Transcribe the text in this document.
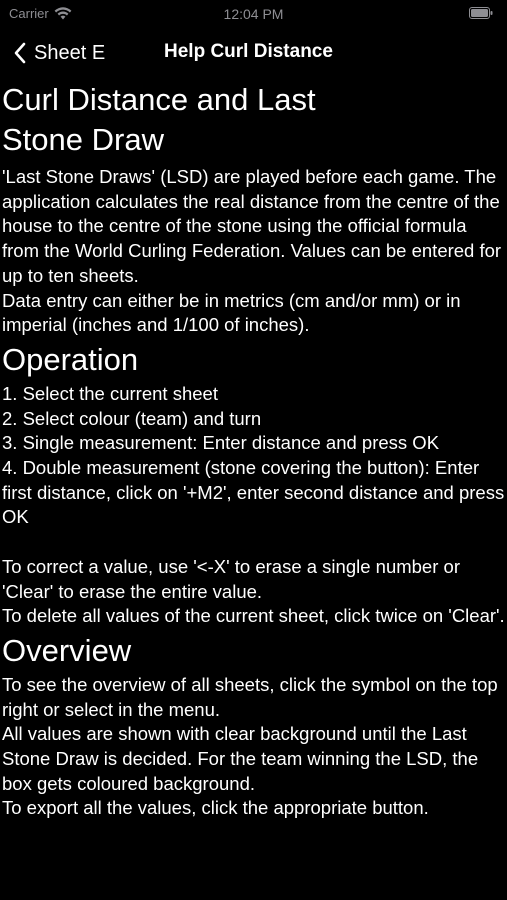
Carrier	12:04 PM
Sheet E	Help Curl Distance
Curl Distance and Last Stone Draw

'Last Stone Draws' (LSD) are played before each game. The application calculates the real distance from the centre of the house to the centre of the stone using the official formula from the World Curling Federation. Values can be entered for up to ten sheets.
Data entry can either be in metrics (cm and/or mm) or in imperial (inches and 1/100 of inches).

Operation

1. Select the current sheet
2. Select colour (team) and turn
3. Single measurement: Enter distance and press OK
4. Double measurement (stone covering the button): Enter first distance, click on '+M2', enter second distance and press OK

To correct a value, use '<-X' to erase a single number or 'Clear' to erase the entire value.
To delete all values of the current sheet, click twice on 'Clear'.

Overview

To see the overview of all sheets, click the symbol on the top right or select in the menu.
All values are shown with clear background until the Last Stone Draw is decided. For the team winning the LSD, the box gets coloured background.
To export all the values, click the appropriate button.
